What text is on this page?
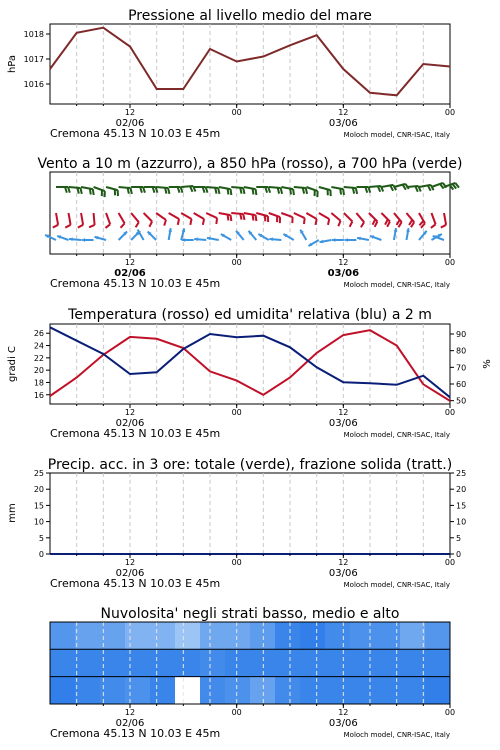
Pressione al livello medio del mare
hPa
1016
1017
1018
12	00	12	00
02/06	03/06
Cremona 45.13 N 10.03 E 45m	Moloch model, CNR-ISAC, Italy
Vento a 10 m (azzurro), a 850 hPa (rosso), a 700 hPa (verde)
12	00	12	00
02/06	03/06
Cremona 45.13 N 10.03 E 45m	Moloch model, CNR-ISAC, Italy
Temperatura (rosso) ed umidita' relativa (blu) a 2 m
gradi C	%
16
18
20
22
24
26
50
60
70
80
90
12	00	12	00
02/06	03/06
Cremona 45.13 N 10.03 E 45m	Moloch model, CNR-ISAC, Italy
Precip. acc. in 3 ore: totale (verde), frazione solida (tratt.)
mm
0
5
10
15
20
25
0
5
10
15
20
25
12	00	12	00
02/06	03/06
Cremona 45.13 N 10.03 E 45m	Moloch model, CNR-ISAC, Italy
Nuvolosita' negli strati basso, medio e alto
12	00	12	00
02/06	03/06
Cremona 45.13 N 10.03 E 45m	Moloch model, CNR-ISAC, Italy
